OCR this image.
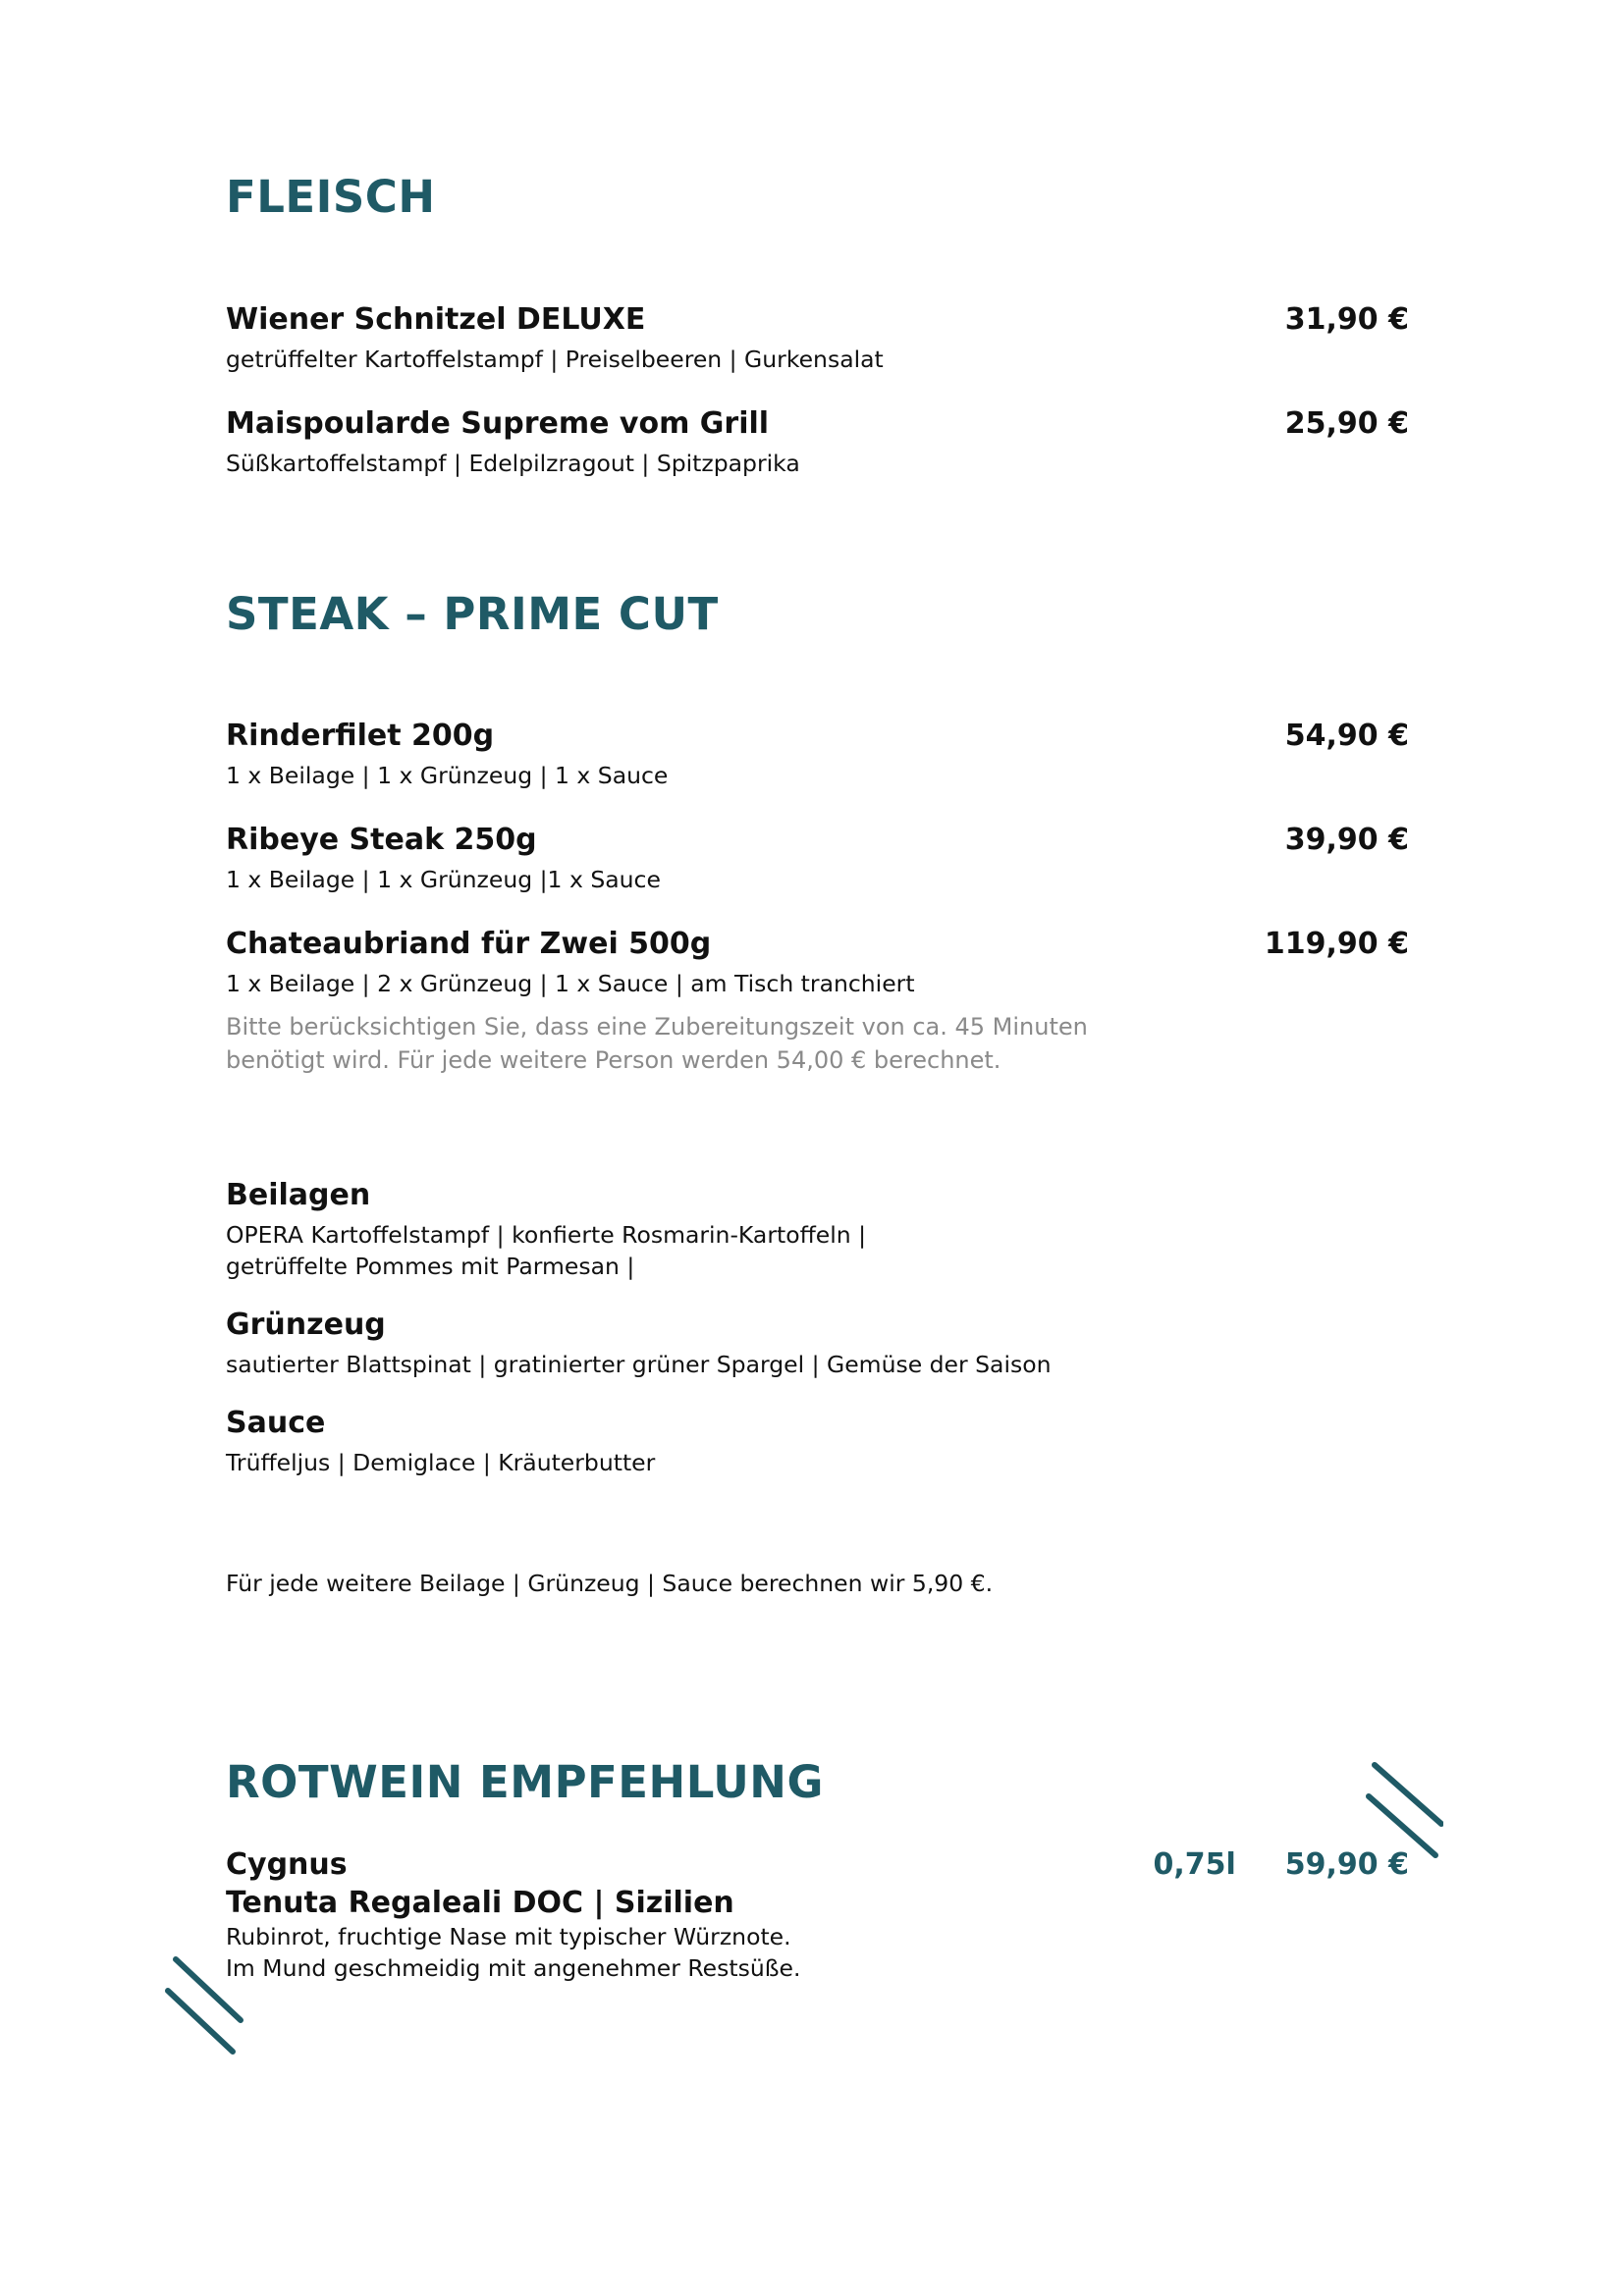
FLEISCH
Wiener Schnitzel DELUXE	31,90 €
getrüffelter Kartoffelstampf | Preiselbeeren | Gurkensalat
Maispoularde Supreme vom Grill	25,90 €
Süßkartoffelstampf | Edelpilzragout | Spitzpaprika
STEAK – PRIME CUT
Rinderfilet 200g	54,90 €
1 x Beilage | 1 x Grünzeug | 1 x Sauce
Ribeye Steak 250g	39,90 €
1 x Beilage | 1 x Grünzeug |1 x Sauce
Chateaubriand für Zwei 500g	119,90 €
1 x Beilage | 2 x Grünzeug | 1 x Sauce | am Tisch tranchiert
Bitte berücksichtigen Sie, dass eine Zubereitungszeit von ca. 45 Minuten
benötigt wird. Für jede weitere Person werden 54,00 € berechnet.
Beilagen
OPERA Kartoffelstampf | konfierte Rosmarin-Kartoffeln |
getrüffelte Pommes mit Parmesan |
Grünzeug
sautierter Blattspinat | gratinierter grüner Spargel | Gemüse der Saison
Sauce
Trüffeljus | Demiglace | Kräuterbutter
Für jede weitere Beilage | Grünzeug | Sauce berechnen wir 5,90 €.
ROTWEIN EMPFEHLUNG
Cygnus	0,75l 59,90 €
Tenuta Regaleali DOC | Sizilien
Rubinrot, fruchtige Nase mit typischer Würznote.
Im Mund geschmeidig mit angenehmer Restsüße.
